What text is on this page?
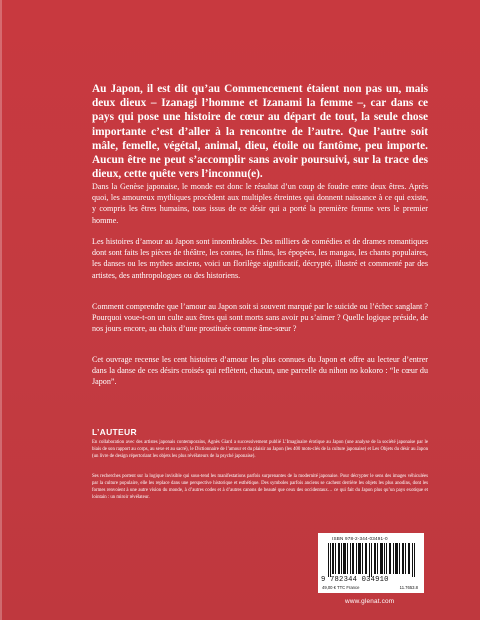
Au Japon, il est dit qu’au Commencement étaient non pas un, mais deux dieux – Izanagi l’homme et Izanami la femme –, car dans ce pays qui pose une histoire de cœur au départ de tout, la seule chose importante c’est d’aller à la rencontre de l’autre. Que l’autre soit mâle, femelle, végétal, animal, dieu, étoile ou fantôme, peu importe. Aucun être ne peut s’accomplir sans avoir poursuivi, sur la trace des dieux, cette quête vers l’inconnu(e).
Dans la Genèse japonaise, le monde est donc le résultat d’un coup de foudre entre deux êtres. Après quoi, les amoureux mythiques procèdent aux multiples étreintes qui donnent naissance à ce qui existe, y compris les êtres humains, tous issus de ce désir qui a porté la première femme vers le premier homme.
Les histoires d’amour au Japon sont innombrables. Des milliers de comédies et de drames romantiques dont sont faits les pièces de théâtre, les contes, les films, les épopées, les mangas, les chants populaires, les danses ou les mythes anciens, voici un florilège significatif, décrypté, illustré et commenté par des artistes, des anthropologues ou des historiens.
Comment comprendre que l’amour au Japon soit si souvent marqué par le suicide ou l’échec sanglant ? Pourquoi voue-t-on un culte aux êtres qui sont morts sans avoir pu s’aimer ? Quelle logique préside, de nos jours encore, au choix d’une prostituée comme âme-sœur ?
Cet ouvrage recense les cent histoires d’amour les plus connues du Japon et offre au lecteur d’entrer dans la danse de ces désirs croisés qui reflètent, chacun, une parcelle du nihon no kokoro : “le cœur du Japon”.
L’AUTEUR
En collaboration avec des artistes japonais contemporains, Agnès Giard a successivement publié L’Imaginaire érotique au Japon (une analyse de la société japonaise par le biais de son rapport au corps, au sexe et au sacré), le Dictionnaire de l’amour et du plaisir au Japon (les 400 mots-clés de la culture japonaise) et Les Objets du désir au Japon (un livre de design répertoriant les objets les plus révélateurs de la psyché japonaise).
Ses recherches portent sur la logique invisible qui sous-tend les manifestations parfois surprenantes de la modernité japonaise. Pour décrypter le sens des images véhiculées par la culture populaire, elle les replace dans une perspective historique et esthétique. Des symboles parfois anciens se cachent derrière les objets les plus anodins, dont les formes renvoient à une autre vision du monde, à d’autres codes et à d’autres canons de beauté que ceux des occidentaux… ce qui fait du Japon plus qu’un pays exotique et lointain : un miroir révélateur.
ISBN 978-2-344-03491-0
9 782344 034910
49,00 € TTC France	11.7653.8
www.glenat.com
